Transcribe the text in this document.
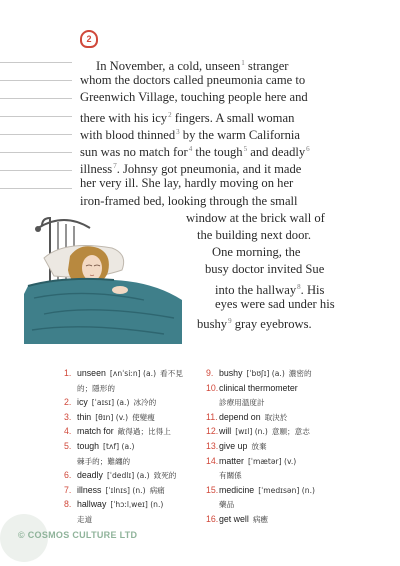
2
In November, a cold, unseen$^1$ stranger
whom the doctors called pneumonia came to
Greenwich Village, touching people here and
there with his icy$^2$ fingers. A small woman
with blood thinned$^3$ by the warm California
sun was no match for$^4$ the tough$^5$ and deadly$^6$
illness$^7$. Johnsy got pneumonia, and it made
her very ill. She lay, hardly moving on her
iron-framed bed, looking through the small
window at the brick wall of
the building next door.
One morning, the
busy doctor invited Sue
into the hallway$^8$. His
eyes were sad under his
bushy$^9$ gray eyebrows.
1. unseen [ʌnˈsiːn] (a.) 看不見
的；隱形的
2. icy [ˈaɪsɪ] (a.) 冰冷的
3. thin [θɪn] (v.) 使變瘦
4. match for 敵得過；比得上
5. tough [tʌf] (a.)
棘手的；難纏的
6. deadly [ˈdedlɪ] (a.) 致死的
7. illness [ˈɪlnɪs] (n.) 病痛
8. hallway [ˈhɔːlˌweɪ] (n.)
走道
9. bushy [ˈbʊʃɪ] (a.) 濃密的
10.clinical thermometer
診療用溫度計
11.depend on 取決於
12.will [wɪl] (n.) 意願；意志
13.give up 放棄
14.matter [ˈmætər] (v.)
有關係
15.medicine [ˈmedɪsən] (n.)
藥品
16.get well 病癒
© COSMOS CULTURE LTD
